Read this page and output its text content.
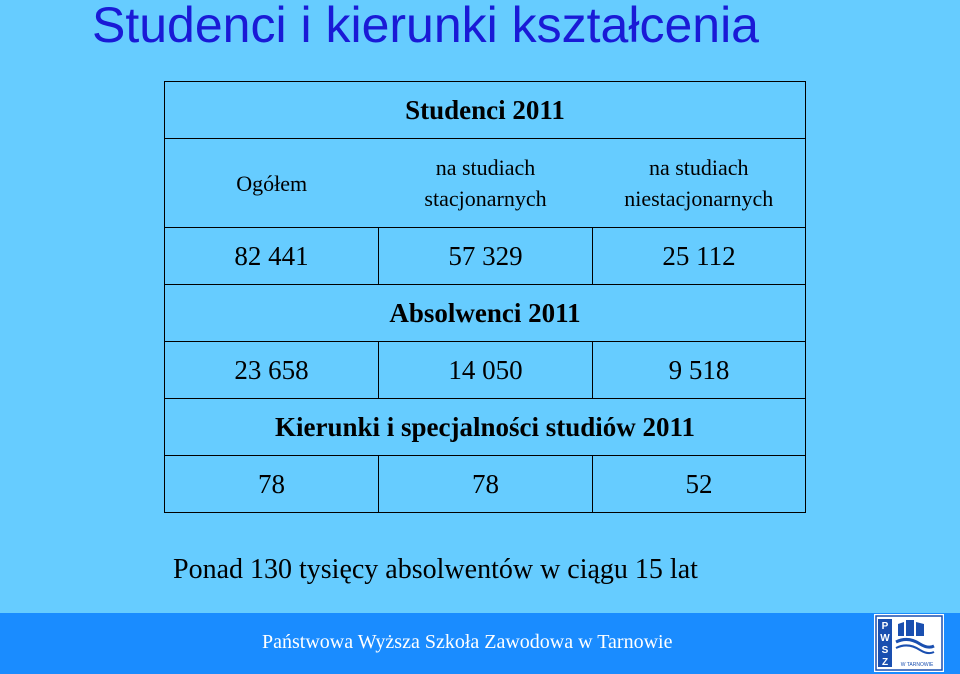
Studenci i kierunki kształcenia
Studenci 2011		
Ogółem	na studiach stacjonarnych	na studiach niestacjonarnych
82 441	57 329	25 112
Absolwenci 2011		
23 658	14 050	9 518
Kierunki i specjalności studiów 2011		
78	78	52

Ponad 130 tysięcy absolwentów w ciągu 15 lat

Państwowa Wyższa Szkoła Zawodowa w Tarnowie
P
W
S
Z	W TARNOWIE
